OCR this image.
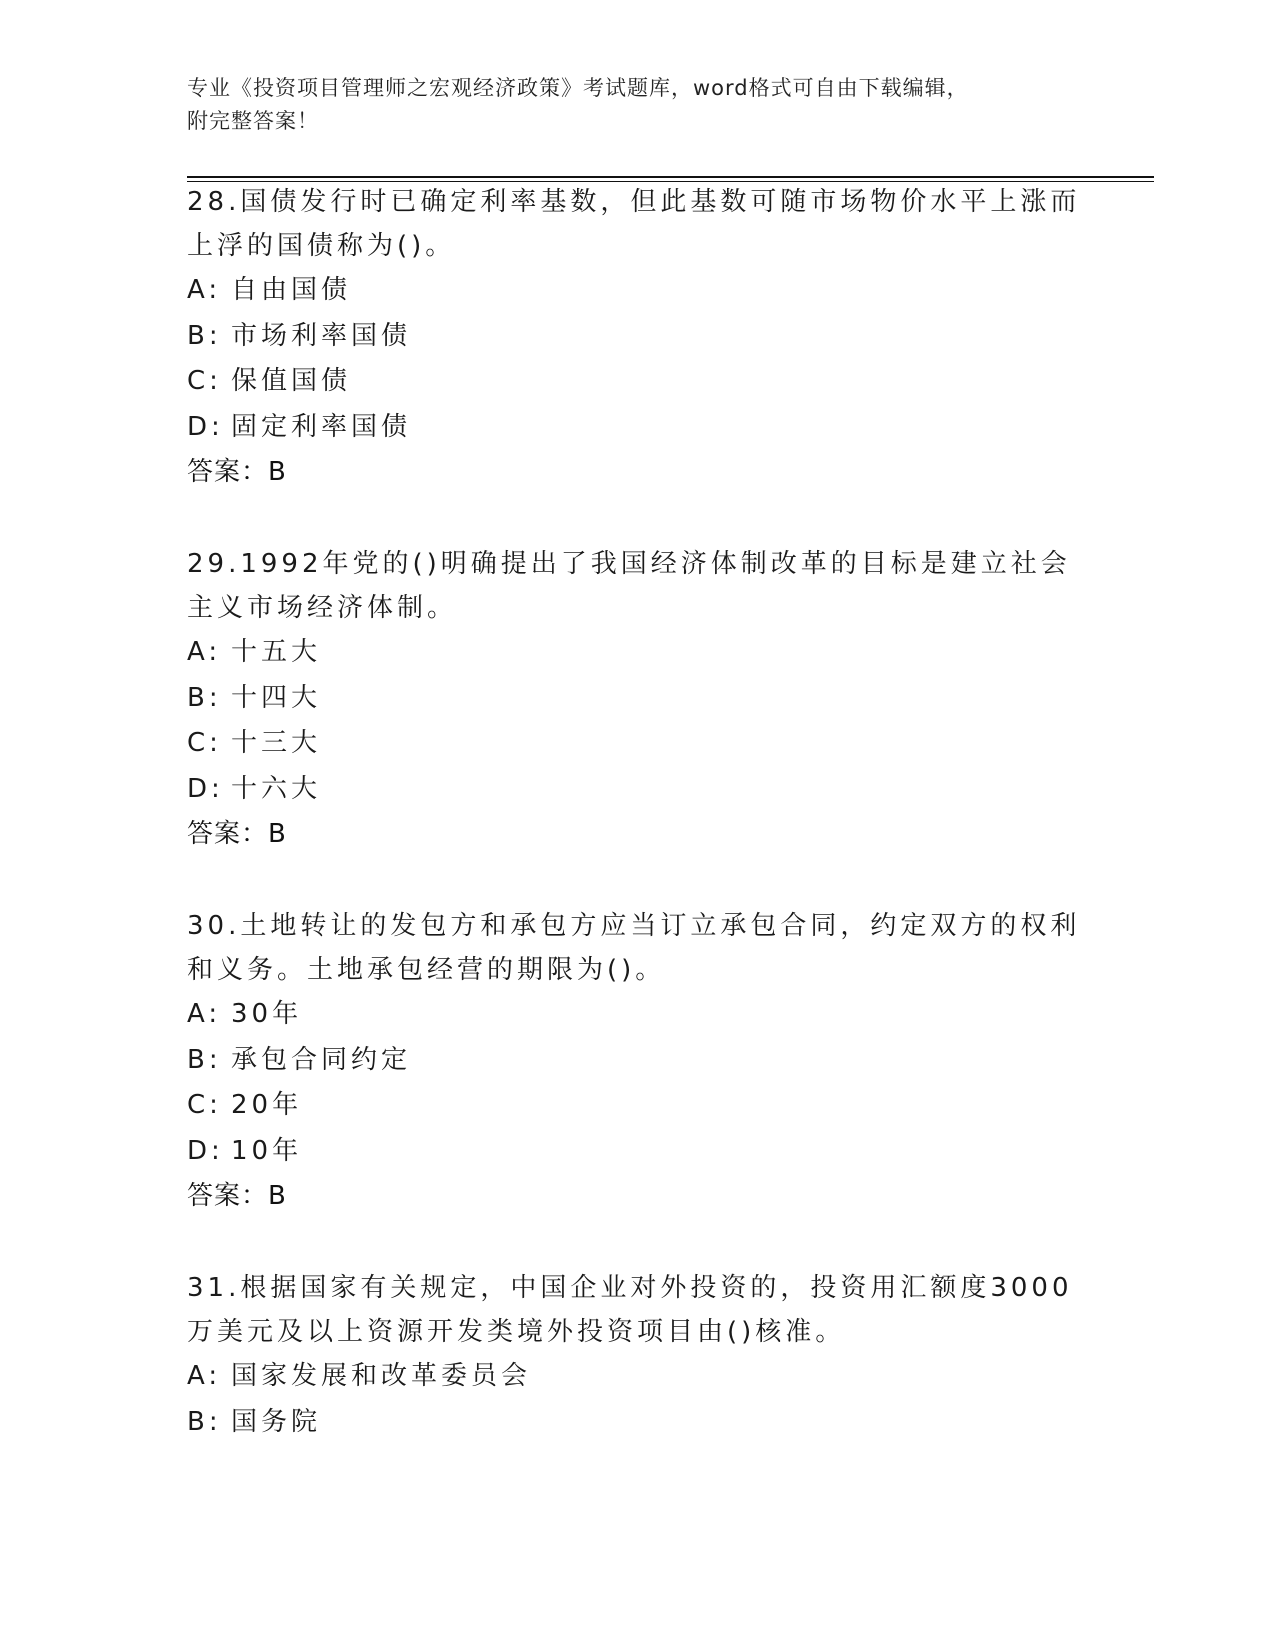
专业《投资项目管理师之宏观经济政策》考试题库，word格式可自由下载编辑，
附完整答案！

28.国债发行时已确定利率基数，但此基数可随市场物价水平上涨而上浮的国债称为()。

A: 自由国债

B: 市场利率国债

C: 保值国债

D: 固定利率国债

答案：B

29.1992年党的()明确提出了我国经济体制改革的目标是建立社会主义市场经济体制。

A: 十五大

B: 十四大

C: 十三大

D: 十六大

答案：B

30.土地转让的发包方和承包方应当订立承包合同，约定双方的权利和义务。土地承包经营的期限为()。

A: 30年

B: 承包合同约定

C: 20年

D: 10年

答案：B

31.根据国家有关规定，中国企业对外投资的，投资用汇额度3000万美元及以上资源开发类境外投资项目由()核准。

A: 国家发展和改革委员会

B: 国务院
